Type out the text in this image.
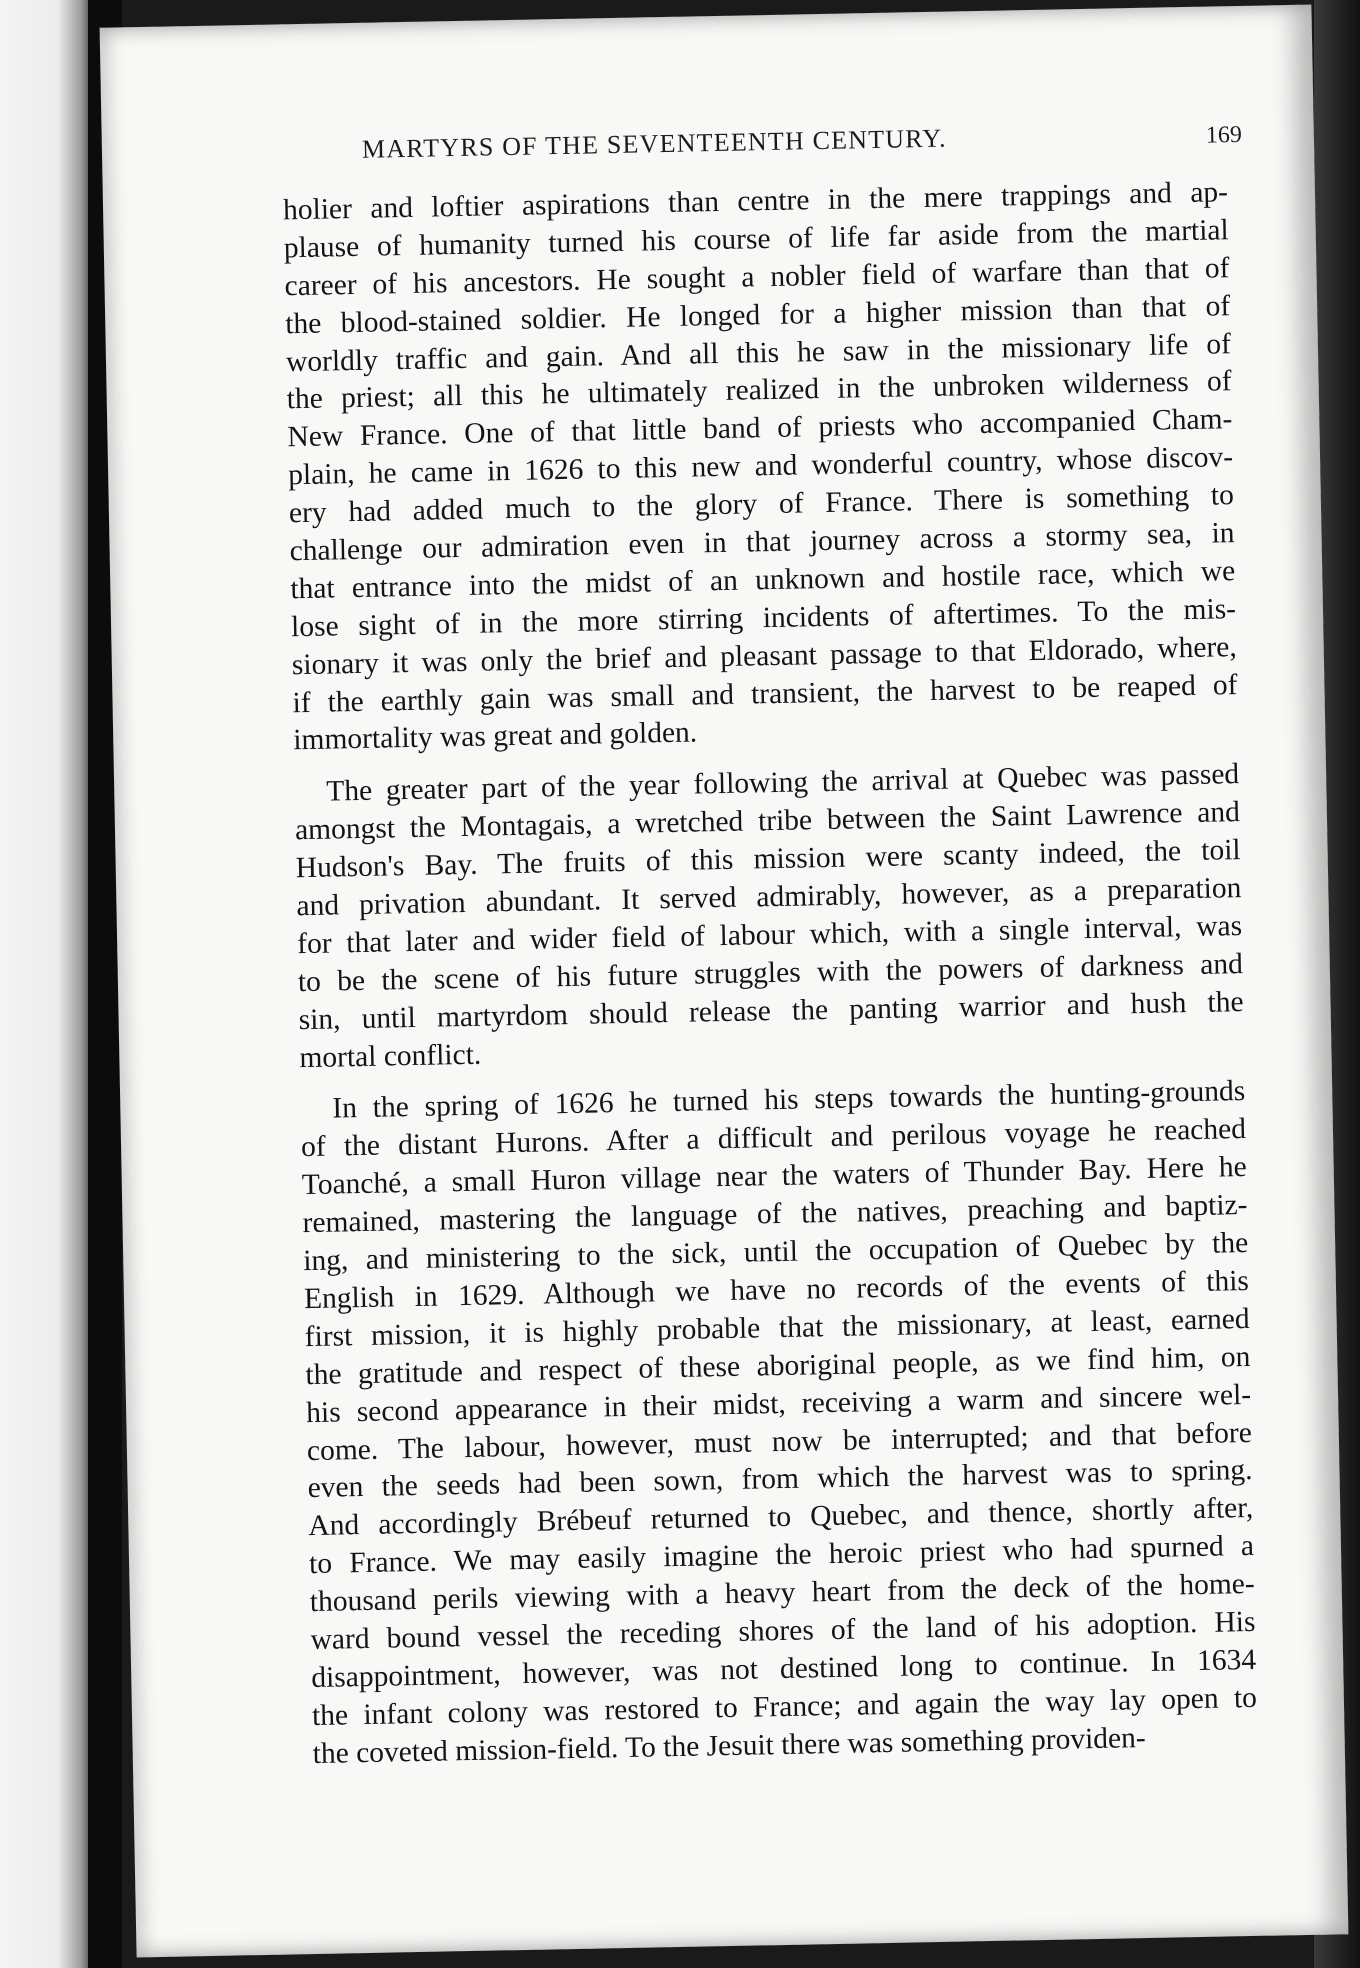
MARTYRS OF THE SEVENTEENTH CENTURY.	169

holier and loftier aspirations than centre in the mere trappings and ap-
plause of humanity turned his course of life far aside from the martial
career of his ancestors. He sought a nobler field of warfare than that of
the blood-stained soldier. He longed for a higher mission than that of
worldly traffic and gain. And all this he saw in the missionary life of
the priest; all this he ultimately realized in the unbroken wilderness of
New France. One of that little band of priests who accompanied Cham-
plain, he came in 1626 to this new and wonderful country, whose discov-
ery had added much to the glory of France. There is something to
challenge our admiration even in that journey across a stormy sea, in
that entrance into the midst of an unknown and hostile race, which we
lose sight of in the more stirring incidents of aftertimes. To the mis-
sionary it was only the brief and pleasant passage to that Eldorado, where,
if the earthly gain was small and transient, the harvest to be reaped of
immortality was great and golden.

The greater part of the year following the arrival at Quebec was passed
amongst the Montagais, a wretched tribe between the Saint Lawrence and
Hudson's Bay. The fruits of this mission were scanty indeed, the toil
and privation abundant. It served admirably, however, as a preparation
for that later and wider field of labour which, with a single interval, was
to be the scene of his future struggles with the powers of darkness and
sin, until martyrdom should release the panting warrior and hush the
mortal conflict.

In the spring of 1626 he turned his steps towards the hunting-grounds
of the distant Hurons. After a difficult and perilous voyage he reached
Toanché, a small Huron village near the waters of Thunder Bay. Here he
remained, mastering the language of the natives, preaching and baptiz-
ing, and ministering to the sick, until the occupation of Quebec by the
English in 1629. Although we have no records of the events of this
first mission, it is highly probable that the missionary, at least, earned
the gratitude and respect of these aboriginal people, as we find him, on
his second appearance in their midst, receiving a warm and sincere wel-
come. The labour, however, must now be interrupted; and that before
even the seeds had been sown, from which the harvest was to spring.
And accordingly Brébeuf returned to Quebec, and thence, shortly after,
to France. We may easily imagine the heroic priest who had spurned a
thousand perils viewing with a heavy heart from the deck of the home-
ward bound vessel the receding shores of the land of his adoption. His
disappointment, however, was not destined long to continue. In 1634
the infant colony was restored to France; and again the way lay open to
the coveted mission-field. To the Jesuit there was something providen-
